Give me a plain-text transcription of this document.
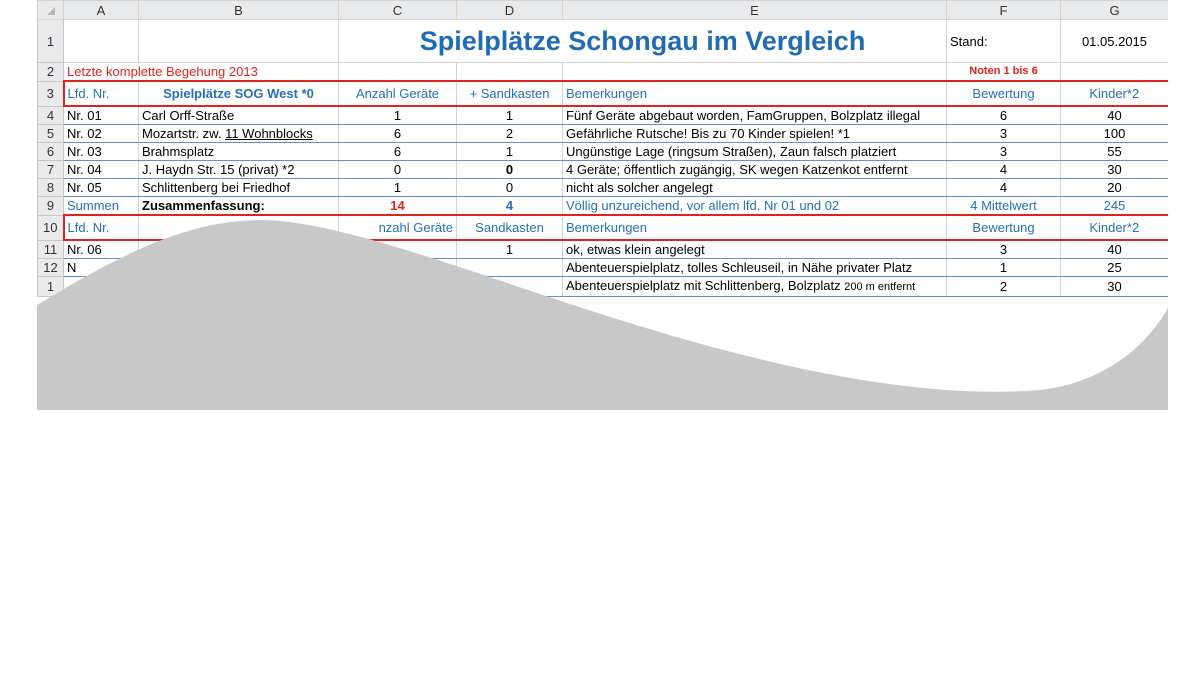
	A	B	C	D	E	F	G
1			Spielplätze Schongau im Vergleich			Stand:	01.05.2015
2	Letzte komplette Begehung 2013					Noten 1 bis 6	
3	Lfd. Nr.	Spielplätze SOG West *0	Anzahl Geräte	+ Sandkasten	Bemerkungen	Bewertung	Kinder*2
4	Nr. 01	Carl Orff-Straße	1	1	Fünf Geräte abgebaut worden, FamGruppen, Bolzplatz illegal	6	40
5	Nr. 02	Mozartstr. zw. 11 Wohnblocks	6	2	Gefährliche Rutsche! Bis zu 70 Kinder spielen! *1	3	100
6	Nr. 03	Brahmsplatz	6	1	Ungünstige Lage (ringsum Straßen), Zaun falsch platziert	3	55
7	Nr. 04	J. Haydn Str. 15 (privat) *2	0	0	4 Geräte; öffentlich zugängig, SK wegen Katzenkot entfernt	4	30
8	Nr. 05	Schlittenberg bei Friedhof	1	0	nicht als solcher angelegt	4	20
9	Summen	Zusammenfassung:	14	4	Völlig unzureichend, vor allem lfd. Nr 01 und 02	4 Mittelwert	245
10	Lfd. Nr.		nzahl Geräte	Sandkasten	Bemerkungen	Bewertung	Kinder*2
11	Nr. 06			1	ok, etwas klein angelegt	3	40
12	N				Abenteuerspielplatz, tolles Schleuseil, in Nähe privater Platz	1	25
1					Abenteuerspielplatz mit Schlittenberg, Bolzplatz 200 m entfernt	2	30
